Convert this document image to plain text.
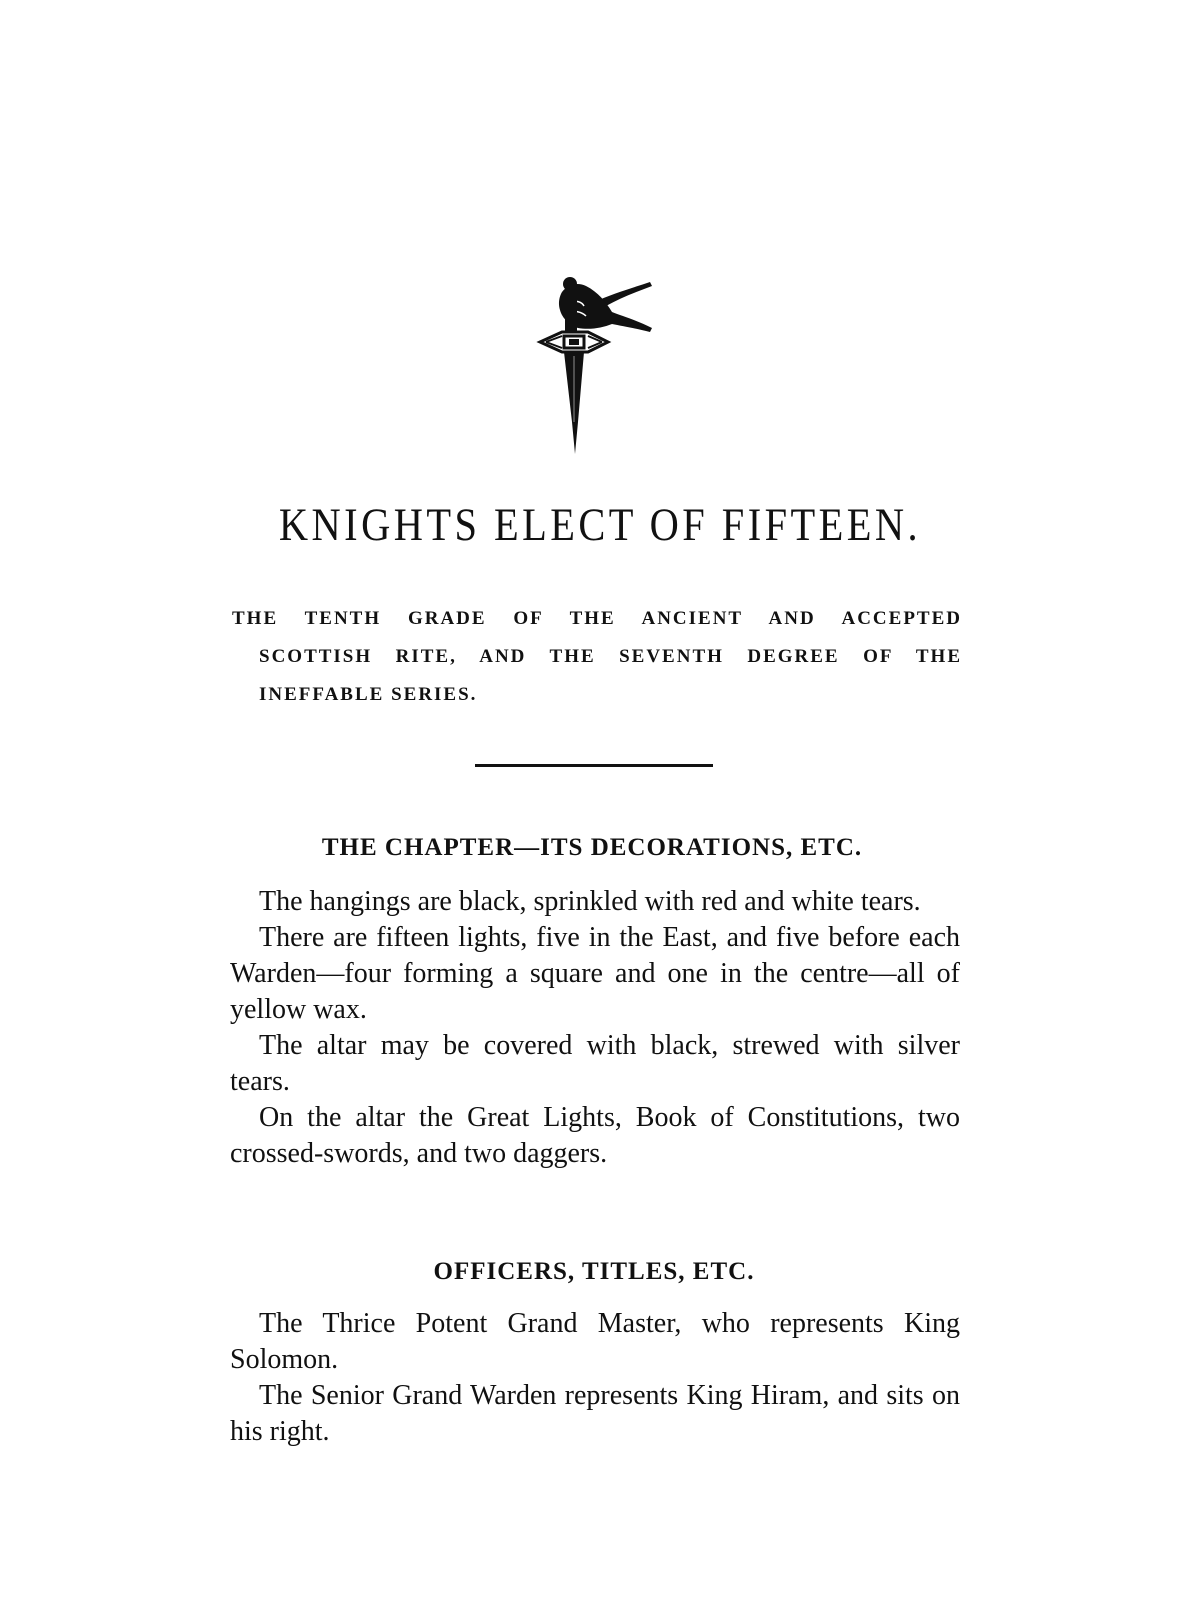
KNIGHTS ELECT OF FIFTEEN.
THE TENTH GRADE OF THE ANCIENT AND ACCEPTED
SCOTTISH RITE, AND THE SEVENTH DEGREE OF THE
INEFFABLE SERIES.
THE CHAPTER—ITS DECORATIONS, ETC.

The hangings are black, sprinkled with red and white tears.

There are fifteen lights, five in the East, and five before each Warden—four forming a square and one in the centre—all of yellow wax.

The altar may be covered with black, strewed with silver tears.

On the altar the Great Lights, Book of Constitutions, two crossed-swords, and two daggers.

OFFICERS, TITLES, ETC.

The Thrice Potent Grand Master, who represents King Solomon.

The Senior Grand Warden represents King Hiram, and sits on his right.
